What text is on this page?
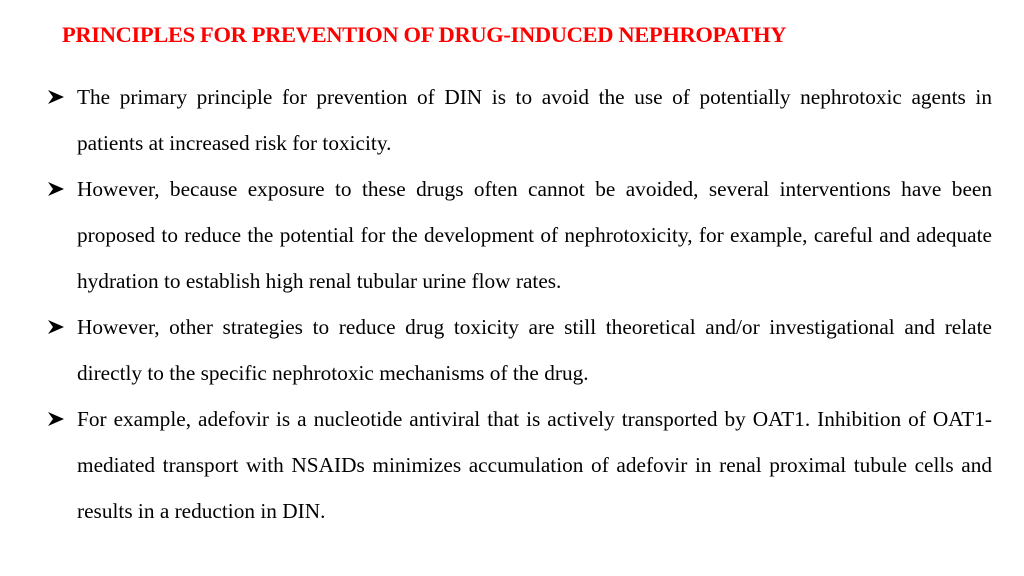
PRINCIPLES FOR PREVENTION OF DRUG-INDUCED NEPHROPATHY
The primary principle for prevention of DIN is to avoid the use of potentially nephrotoxic agents in patients at increased risk for toxicity.
However, because exposure to these drugs often cannot be avoided, several interventions have been proposed to reduce the potential for the development of nephrotoxicity, for example, careful and adequate hydration to establish high renal tubular urine flow rates.
However, other strategies to reduce drug toxicity are still theoretical and/or investigational and relate directly to the specific nephrotoxic mechanisms of the drug.
For example, adefovir is a nucleotide antiviral that is actively transported by OAT1. Inhibition of OAT1-mediated transport with NSAIDs minimizes accumulation of adefovir in renal proximal tubule cells and results in a reduction in DIN.
